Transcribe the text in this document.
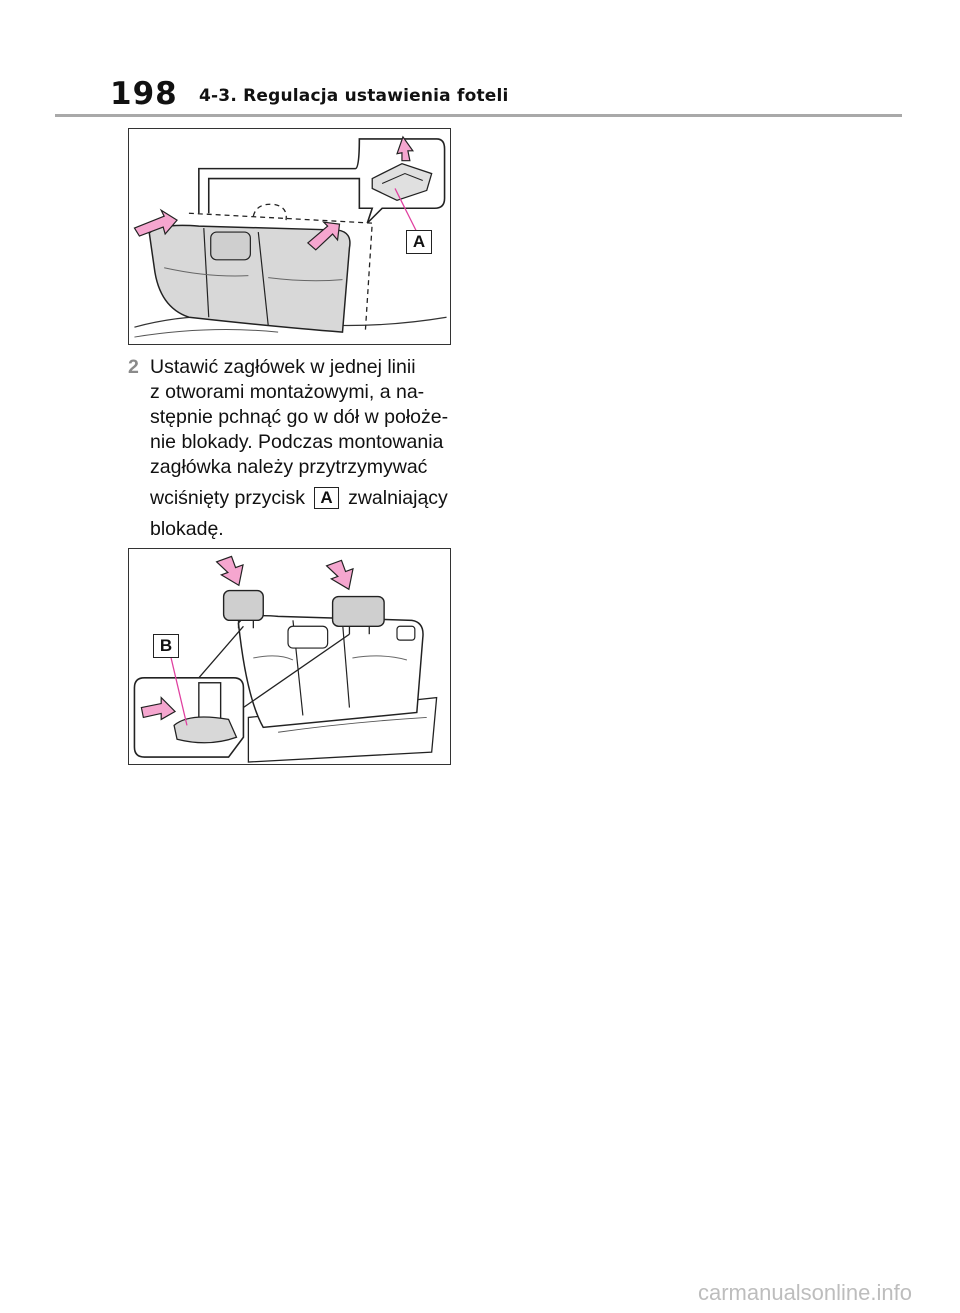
198 4-3. Regulacja ustawienia foteli
A
2 Ustawić zagłówek w jednej linii
z otworami montażowymi, a na-
stępnie pchnąć go w dół w położe-
nie blokady. Podczas montowania
zagłówka należy przytrzymywać
wciśnięty przycisk A zwalniający
blokadę.
B
carmanualsonline.info
